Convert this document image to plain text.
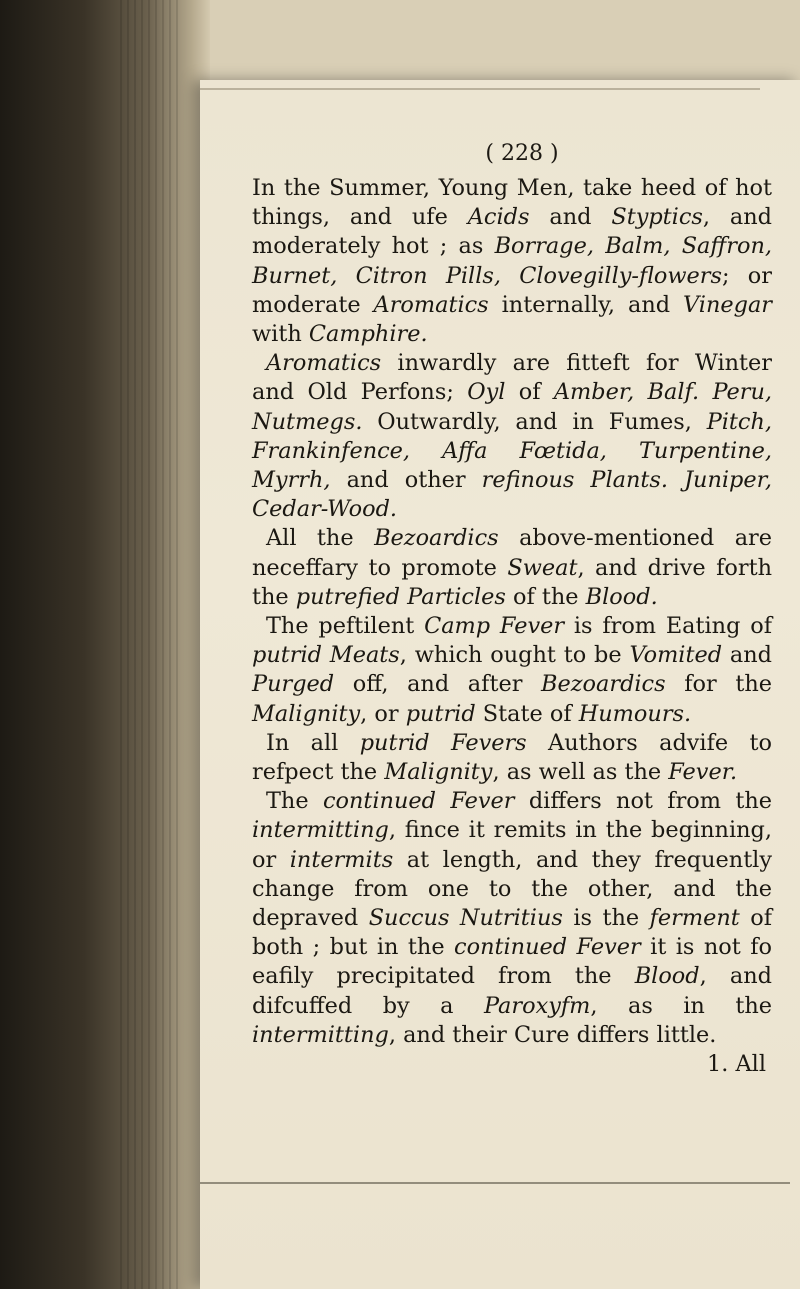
( 228 )

In the Summer, Young Men, take heed of hot things, and ufe Acids and Styptics, and moderately hot ; as Borrage, Balm, Saffron, Burnet, Citron Pills, Clovegilly-flowers; or moderate Aromatics internally, and Vinegar with Camphire.

Aromatics inwardly are fitteft for Winter and Old Perfons; Oyl of Amber, Balf. Peru, Nutmegs. Outwardly, and in Fumes, Pitch, Frankinfence, Affa Fœtida, Turpentine, Myrrh, and other refinous Plants. Juniper, Cedar-Wood.

All the Bezoardics above-mentioned are neceffary to promote Sweat, and drive forth the putrefied Particles of the Blood.

The peftilent Camp Fever is from Eating of putrid Meats, which ought to be Vomited and Purged off, and after Bezoardics for the Malignity, or putrid State of Humours.

In all putrid Fevers Authors advife to refpect the Malignity, as well as the Fever.

The continued Fever differs not from the intermitting, fince it remits in the beginning, or intermits at length, and they frequently change from one to the other, and the depraved Succus Nutritius is the ferment of both ; but in the continued Fever it is not fo eafily precipitated from the Blood, and difcuffed by a Paroxyfm, as in the intermitting, and their Cure differs little.

1. All
